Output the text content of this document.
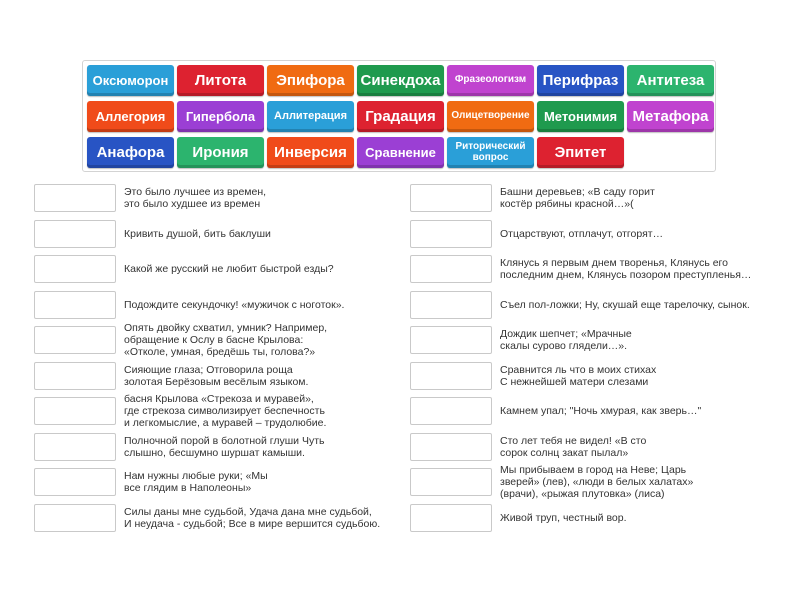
Оксюморон	Литота	Эпифора	Синекдоха	Фразеологизм	Перифраз	Антитеза
Аллегория	Гипербола	Аллитерация	Градация	Олицетворение	Метонимия	Метафора
Анафора	Ирония	Инверсия	Сравнение	Риторический вопрос	Эпитет
Это было лучшее из времен,
это было худшее из времен
Кривить душой, бить баклуши
Какой же русский не любит быстрой езды?
Подождите секундочку! «мужичок с ноготок».
Опять двойку схватил, умник? Например,
обращение к Ослу в басне Крылова:
«Отколе, умная, бредёшь ты, голова?»
Сияющие глаза; Отговорила роща
золотая Берёзовым весёлым языком.
басня Крылова «Стрекоза и муравей»,
где стрекоза символизирует беспечность
и легкомыслие, а муравей – трудолюбие.
Полночной порой в болотной глуши Чуть
слышно, бесшумно шуршат камыши.
Нам нужны любые руки; «Мы
все глядим в Наполеоны»
Силы даны мне судьбой, Удача дана мне судьбой,
И неудача - судьбой; Все в мире вершится судьбою.
Башни деревьев; «В саду горит
костёр рябины красной…»(
Отцарствуют, отплачут, отгорят…
Клянусь я первым днем творенья, Клянусь его
последним днем, Клянусь позором преступленья…
Съел пол-ложки; Ну, скушай еще тарелочку, сынок.
Дождик шепчет; «Мрачные
скалы сурово глядели…».
Сравнится ль что в моих стихах
С нежнейшей матери слезами
Камнем упал; "Ночь хмурая, как зверь…"
Сто лет тебя не видел! «В сто
сорок солнц закат пылал»
Мы прибываем в город на Неве; Царь
зверей» (лев), «люди в белых халатах»
(врачи), «рыжая плутовка» (лиса)
Живой труп, честный вор.
